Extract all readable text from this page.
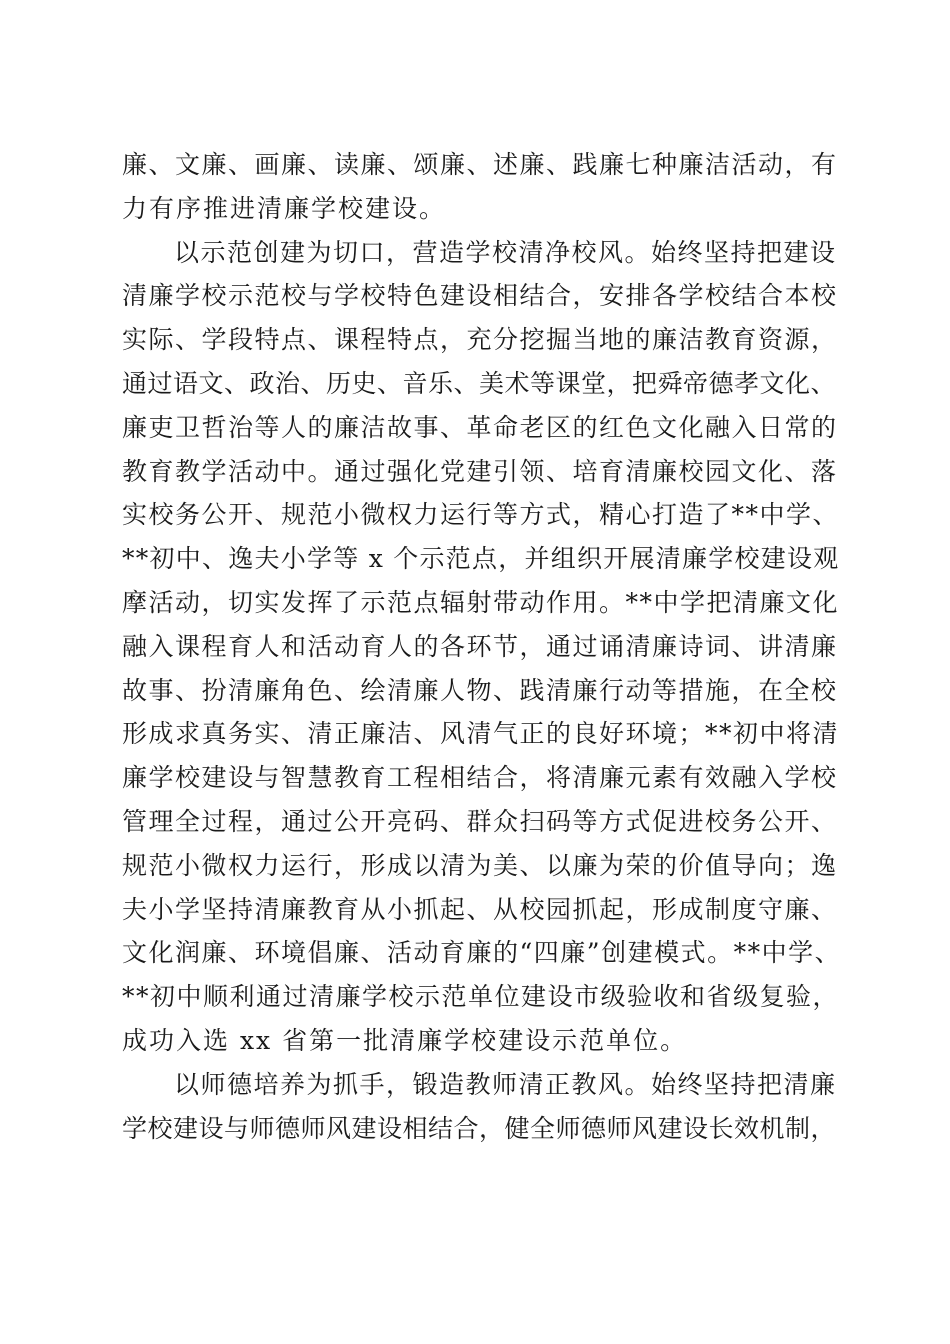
廉、文廉、画廉、读廉、颂廉、述廉、践廉七种廉洁活动，有
力有序推进清廉学校建设。
以示范创建为切口，营造学校清净校风。始终坚持把建设
清廉学校示范校与学校特色建设相结合，安排各学校结合本校
实际、学段特点、课程特点，充分挖掘当地的廉洁教育资源，
通过语文、政治、历史、音乐、美术等课堂，把舜帝德孝文化、
廉吏卫哲治等人的廉洁故事、革命老区的红色文化融入日常的
教育教学活动中。通过强化党建引领、培育清廉校园文化、落
实校务公开、规范小微权力运行等方式，精心打造了**中学、
**初中、逸夫小学等 x 个示范点，并组织开展清廉学校建设观
摩活动，切实发挥了示范点辐射带动作用。**中学把清廉文化
融入课程育人和活动育人的各环节，通过诵清廉诗词、讲清廉
故事、扮清廉角色、绘清廉人物、践清廉行动等措施，在全校
形成求真务实、清正廉洁、风清气正的良好环境；**初中将清
廉学校建设与智慧教育工程相结合，将清廉元素有效融入学校
管理全过程，通过公开亮码、群众扫码等方式促进校务公开、
规范小微权力运行，形成以清为美、以廉为荣的价值导向；逸
夫小学坚持清廉教育从小抓起、从校园抓起，形成制度守廉、
文化润廉、环境倡廉、活动育廉的“四廉”创建模式。**中学、
**初中顺利通过清廉学校示范单位建设市级验收和省级复验，
成功入选 xx 省第一批清廉学校建设示范单位。
以师德培养为抓手，锻造教师清正教风。始终坚持把清廉
学校建设与师德师风建设相结合，健全师德师风建设长效机制，
